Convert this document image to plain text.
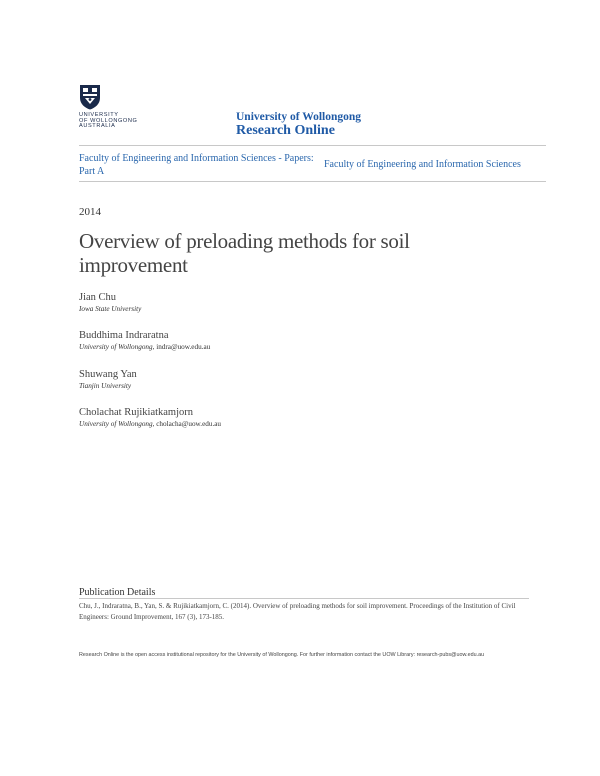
UNIVERSITY
OF WOLLONGONG
AUSTRALIA
University of Wollongong
Research Online
Faculty of Engineering and Information Sciences - Papers: Part A
Faculty of Engineering and Information Sciences
2014
Overview of preloading methods for soil improvement
Jian Chu
Iowa State University
Buddhima Indraratna
University of Wollongong, indra@uow.edu.au
Shuwang Yan
Tianjin University
Cholachat Rujikiatkamjorn
University of Wollongong, cholacha@uow.edu.au
Publication Details
Chu, J., Indraratna, B., Yan, S. & Rujikiatkamjorn, C. (2014). Overview of preloading methods for soil improvement. Proceedings of the Institution of Civil Engineers: Ground Improvement, 167 (3), 173-185.
Research Online is the open access institutional repository for the University of Wollongong. For further information contact the UOW Library: research-pubs@uow.edu.au
